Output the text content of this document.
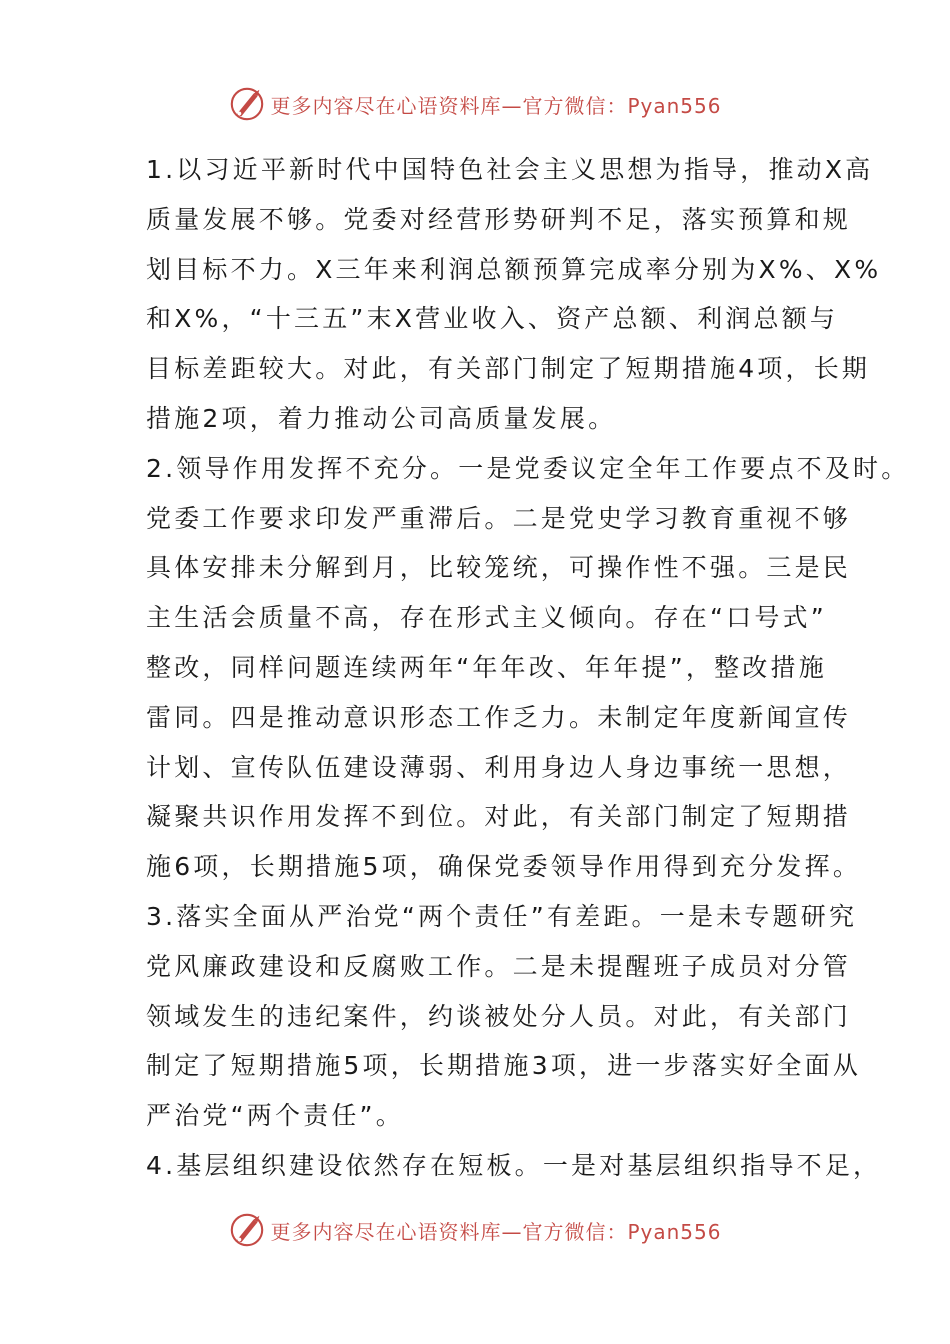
更多内容尽在心语资料库—官方微信：Pyan556
1.以习近平新时代中国特色社会主义思想为指导，推动X高
质量发展不够。党委对经营形势研判不足，落实预算和规
划目标不力。X三年来利润总额预算完成率分别为X%、X%
和X%，“十三五”末X营业收入、资产总额、利润总额与
目标差距较大。对此，有关部门制定了短期措施4项，长期
措施2项，着力推动公司高质量发展。
2.领导作用发挥不充分。一是党委议定全年工作要点不及时。
党委工作要求印发严重滞后。二是党史学习教育重视不够
具体安排未分解到月，比较笼统，可操作性不强。三是民
主生活会质量不高，存在形式主义倾向。存在“口号式”
整改，同样问题连续两年“年年改、年年提”，整改措施
雷同。四是推动意识形态工作乏力。未制定年度新闻宣传
计划、宣传队伍建设薄弱、利用身边人身边事统一思想，
凝聚共识作用发挥不到位。对此，有关部门制定了短期措
施6项，长期措施5项，确保党委领导作用得到充分发挥。
3.落实全面从严治党“两个责任”有差距。一是未专题研究
党风廉政建设和反腐败工作。二是未提醒班子成员对分管
领域发生的违纪案件，约谈被处分人员。对此，有关部门
制定了短期措施5项，长期措施3项，进一步落实好全面从
严治党“两个责任”。
4.基层组织建设依然存在短板。一是对基层组织指导不足，
更多内容尽在心语资料库—官方微信：Pyan556
